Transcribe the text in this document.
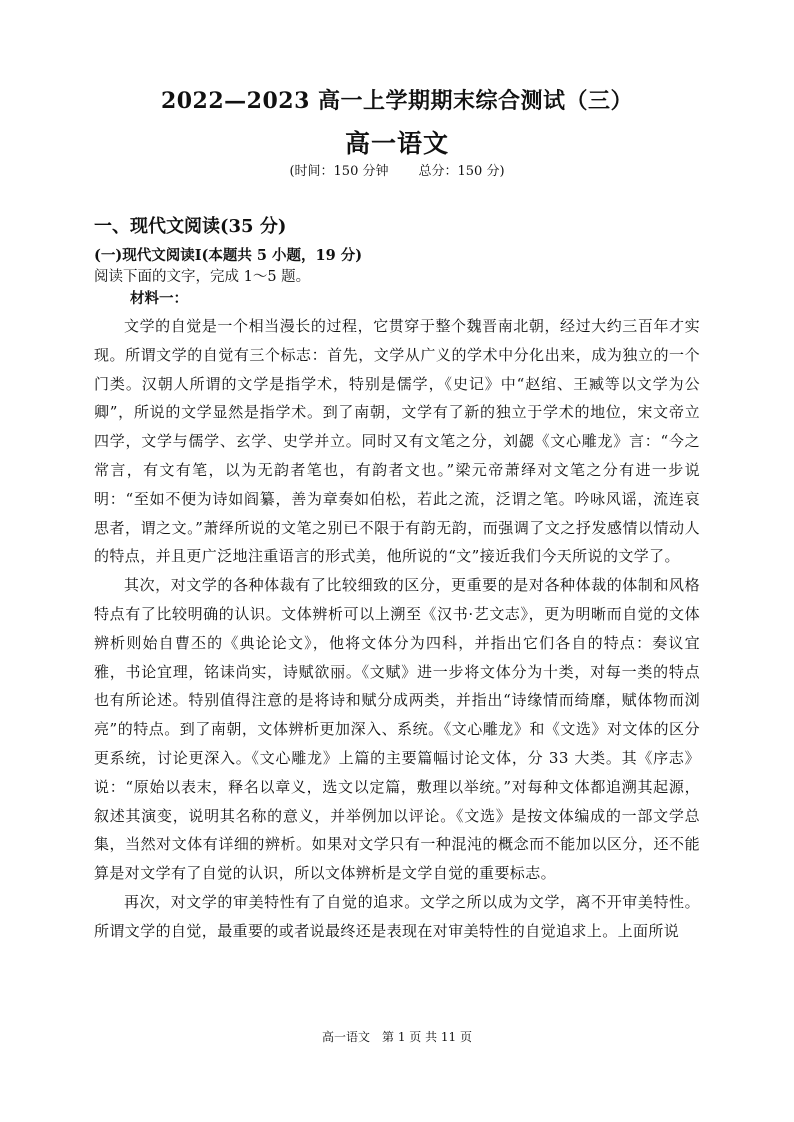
2022—2023 高一上学期期末综合测试（三）
高一语文
(时间：150 分钟 总分：150 分)
一、现代文阅读(35 分)
(一)现代文阅读Ⅰ(本题共 5 小题，19 分)
阅读下面的文字，完成 1～5 题。
材料一：

文学的自觉是一个相当漫长的过程，它贯穿于整个魏晋南北朝，经过大约三百年才实现。所谓文学的自觉有三个标志：首先，文学从广义的学术中分化出来，成为独立的一个门类。汉朝人所谓的文学是指学术，特别是儒学，《史记》中“赵绾、王臧等以文学为公卿”，所说的文学显然是指学术。到了南朝，文学有了新的独立于学术的地位，宋文帝立四学，文学与儒学、玄学、史学并立。同时又有文笔之分，刘勰《文心雕龙》言：“今之常言，有文有笔，以为无韵者笔也，有韵者文也。”梁元帝萧绎对文笔之分有进一步说明：“至如不便为诗如阎纂，善为章奏如伯松，若此之流，泛谓之笔。吟咏风谣，流连哀思者，谓之文。”萧绎所说的文笔之别已不限于有韵无韵，而强调了文之抒发感情以情动人的特点，并且更广泛地注重语言的形式美，他所说的“文”接近我们今天所说的文学了。

其次，对文学的各种体裁有了比较细致的区分，更重要的是对各种体裁的体制和风格特点有了比较明确的认识。文体辨析可以上溯至《汉书·艺文志》，更为明晰而自觉的文体辨析则始自曹丕的《典论论文》，他将文体分为四科，并指出它们各自的特点：奏议宜雅，书论宜理，铭诔尚实，诗赋欲丽。《文赋》进一步将文体分为十类，对每一类的特点也有所论述。特别值得注意的是将诗和赋分成两类，并指出“诗缘情而绮靡，赋体物而浏亮”的特点。到了南朝，文体辨析更加深入、系统。《文心雕龙》和《文选》对文体的区分更系统，讨论更深入。《文心雕龙》上篇的主要篇幅讨论文体，分 33 大类。其《序志》说：“原始以表末，释名以章义，选文以定篇，敷理以举统。”对每种文体都追溯其起源，叙述其演变，说明其名称的意义，并举例加以评论。《文选》是按文体编成的一部文学总集，当然对文体有详细的辨析。如果对文学只有一种混沌的概念而不能加以区分，还不能算是对文学有了自觉的认识，所以文体辨析是文学自觉的重要标志。

再次，对文学的审美特性有了自觉的追求。文学之所以成为文学，离不开审美特性。所谓文学的自觉，最重要的或者说最终还是表现在对审美特性的自觉追求上。上面所说

高一语文　第 1 页 共 11 页
